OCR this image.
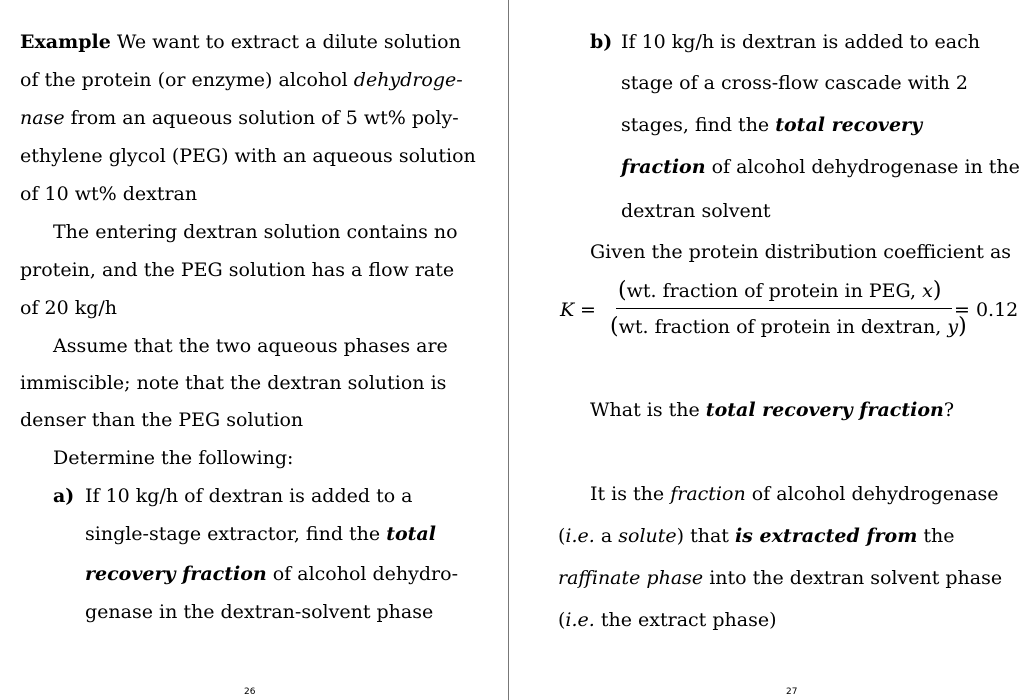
Example We want to extract a dilute solution
of the protein (or enzyme) alcohol dehydroge-
nase from an aqueous solution of 5 wt% poly-
ethylene glycol (PEG) with an aqueous solution
of 10 wt% dextran
The entering dextran solution contains no
protein, and the PEG solution has a flow rate
of 20 kg/h
Assume that the two aqueous phases are
immiscible; note that the dextran solution is
denser than the PEG solution
Determine the following:
a) If 10 kg/h of dextran is added to a
single-stage extractor, find the total
recovery fraction of alcohol dehydro-
genase in the dextran-solvent phase
26
b) If 10 kg/h is dextran is added to each
stage of a cross-flow cascade with 2
stages, find the total recovery
fraction of alcohol dehydrogenase in the
dextran solvent
Given the protein distribution coefficient as
K =
(wt. fraction of protein in PEG, x)
(wt. fraction of protein in dextran, y)
= 0.12
What is the total recovery fraction?
It is the fraction of alcohol dehydrogenase
(i.e. a solute) that is extracted from the
raffinate phase into the dextran solvent phase
(i.e. the extract phase)
27
